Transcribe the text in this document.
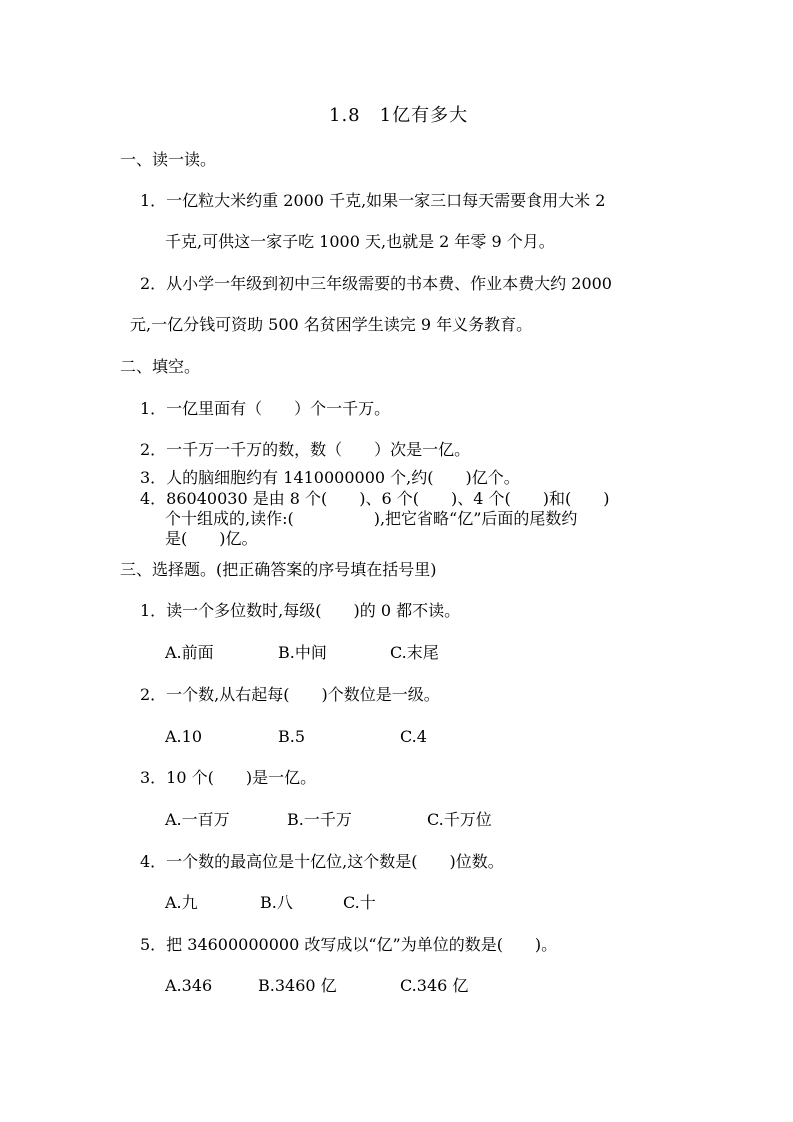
1.8　1亿有多大
一、读一读。
1．一亿粒大米约重 2000 千克,如果一家三口每天需要食用大米 2
千克,可供这一家子吃 1000 天,也就是 2 年零 9 个月。
2．从小学一年级到初中三年级需要的书本费、作业本费大约 2000
元,一亿分钱可资助 500 名贫困学生读完 9 年义务教育。
二、填空。
1．一亿里面有（　　）个一千万。
2．一千万一千万的数，数（　　）次是一亿。
3．人的脑细胞约有 1410000000 个,约(　　)亿个。
4．86040030 是由 8 个(　　)、6 个(　　)、4 个(　　)和(　　)
个十组成的,读作:(　　　　　),把它省略“亿”后面的尾数约
是(　　)亿。
三、选择题。(把正确答案的序号填在括号里)
1．读一个多位数时,每级(　　)的 0 都不读。
A.前面	B.中间	C.末尾
2．一个数,从右起每(　　)个数位是一级。
A.10	B.5	C.4
3．10 个(　　)是一亿。
A.一百万	B.一千万	C.千万位
4．一个数的最高位是十亿位,这个数是(　　)位数。
A.九	B.八	C.十
5．把 34600000000 改写成以“亿”为单位的数是(　　)。
A.346	B.3460 亿	C.346 亿
